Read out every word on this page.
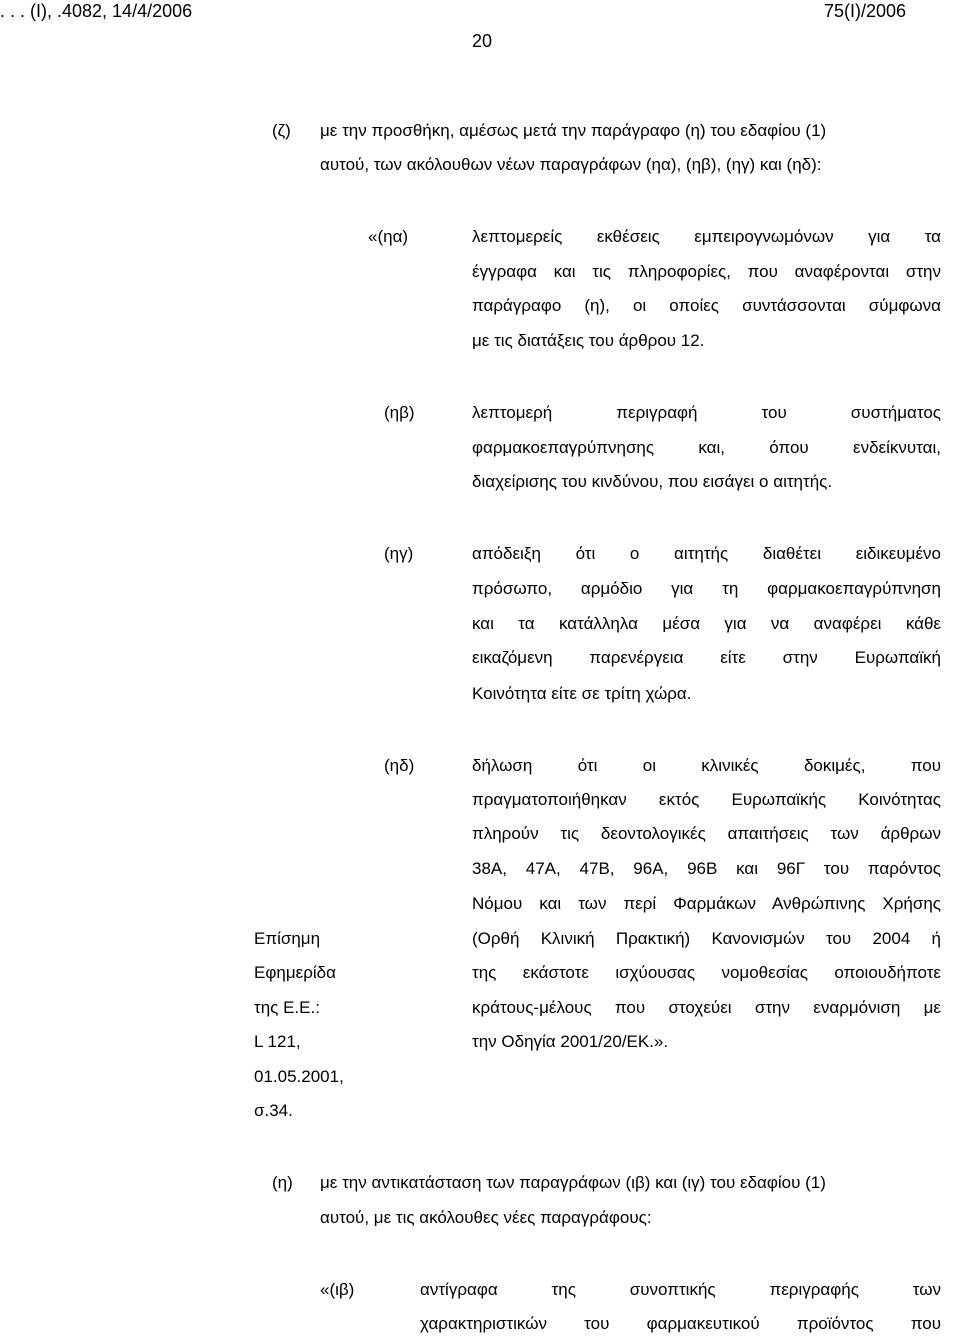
. . . (Ι), .4082, 14/4/2006	75(Ι)/2006
20
(ζ) με την προσθήκη, αμέσως μετά την παράγραφο (η) του εδαφίου (1)
αυτού, των ακόλουθων νέων παραγράφων (ηα), (ηβ), (ηγ) και (ηδ):
«(ηα)	λεπτομερείς εκθέσεις εμπειρογνωμόνων για τα
έγγραφα και τις πληροφορίες, που αναφέρονται στην
παράγραφο (η), οι οποίες συντάσσονται σύμφωνα
με τις διατάξεις του άρθρου 12.
(ηβ)	λεπτομερή περιγραφή του συστήματος
φαρμακοεπαγρύπνησης και, όπου ενδείκνυται,
διαχείρισης του κινδύνου, που εισάγει ο αιτητής.
(ηγ)	απόδειξη ότι ο αιτητής διαθέτει ειδικευμένο
πρόσωπο, αρμόδιο για τη φαρμακοεπαγρύπνηση
και τα κατάλληλα μέσα για να αναφέρει κάθε
εικαζόμενη παρενέργεια είτε στην Ευρωπαϊκή
Κοινότητα είτε σε τρίτη χώρα.
(ηδ)	δήλωση ότι οι κλινικές δοκιμές, που
πραγματοποιήθηκαν εκτός Ευρωπαϊκής Κοινότητας
πληρούν τις δεοντολογικές απαιτήσεις των άρθρων
38Α, 47Α, 47Β, 96Α, 96Β και 96Γ του παρόντος
Νόμου και των περί Φαρμάκων Ανθρώπινης Χρήσης
(Ορθή Κλινική Πρακτική) Κανονισμών του 2004 ή
της εκάστοτε ισχύουσας νομοθεσίας οποιουδήποτε
κράτους-μέλους που στοχεύει στην εναρμόνιση με
την Οδηγία 2001/20/ΕΚ.».
Επίσημη
Εφημερίδα
της Ε.Ε.:
L 121,
01.05.2001,
σ.34.
(η) με την αντικατάσταση των παραγράφων (ιβ) και (ιγ) του εδαφίου (1)
αυτού, με τις ακόλουθες νέες παραγράφους:
«(ιβ)	αντίγραφα της συνοπτικής περιγραφής των
χαρακτηριστικών του φαρμακευτικού προϊόντος που
